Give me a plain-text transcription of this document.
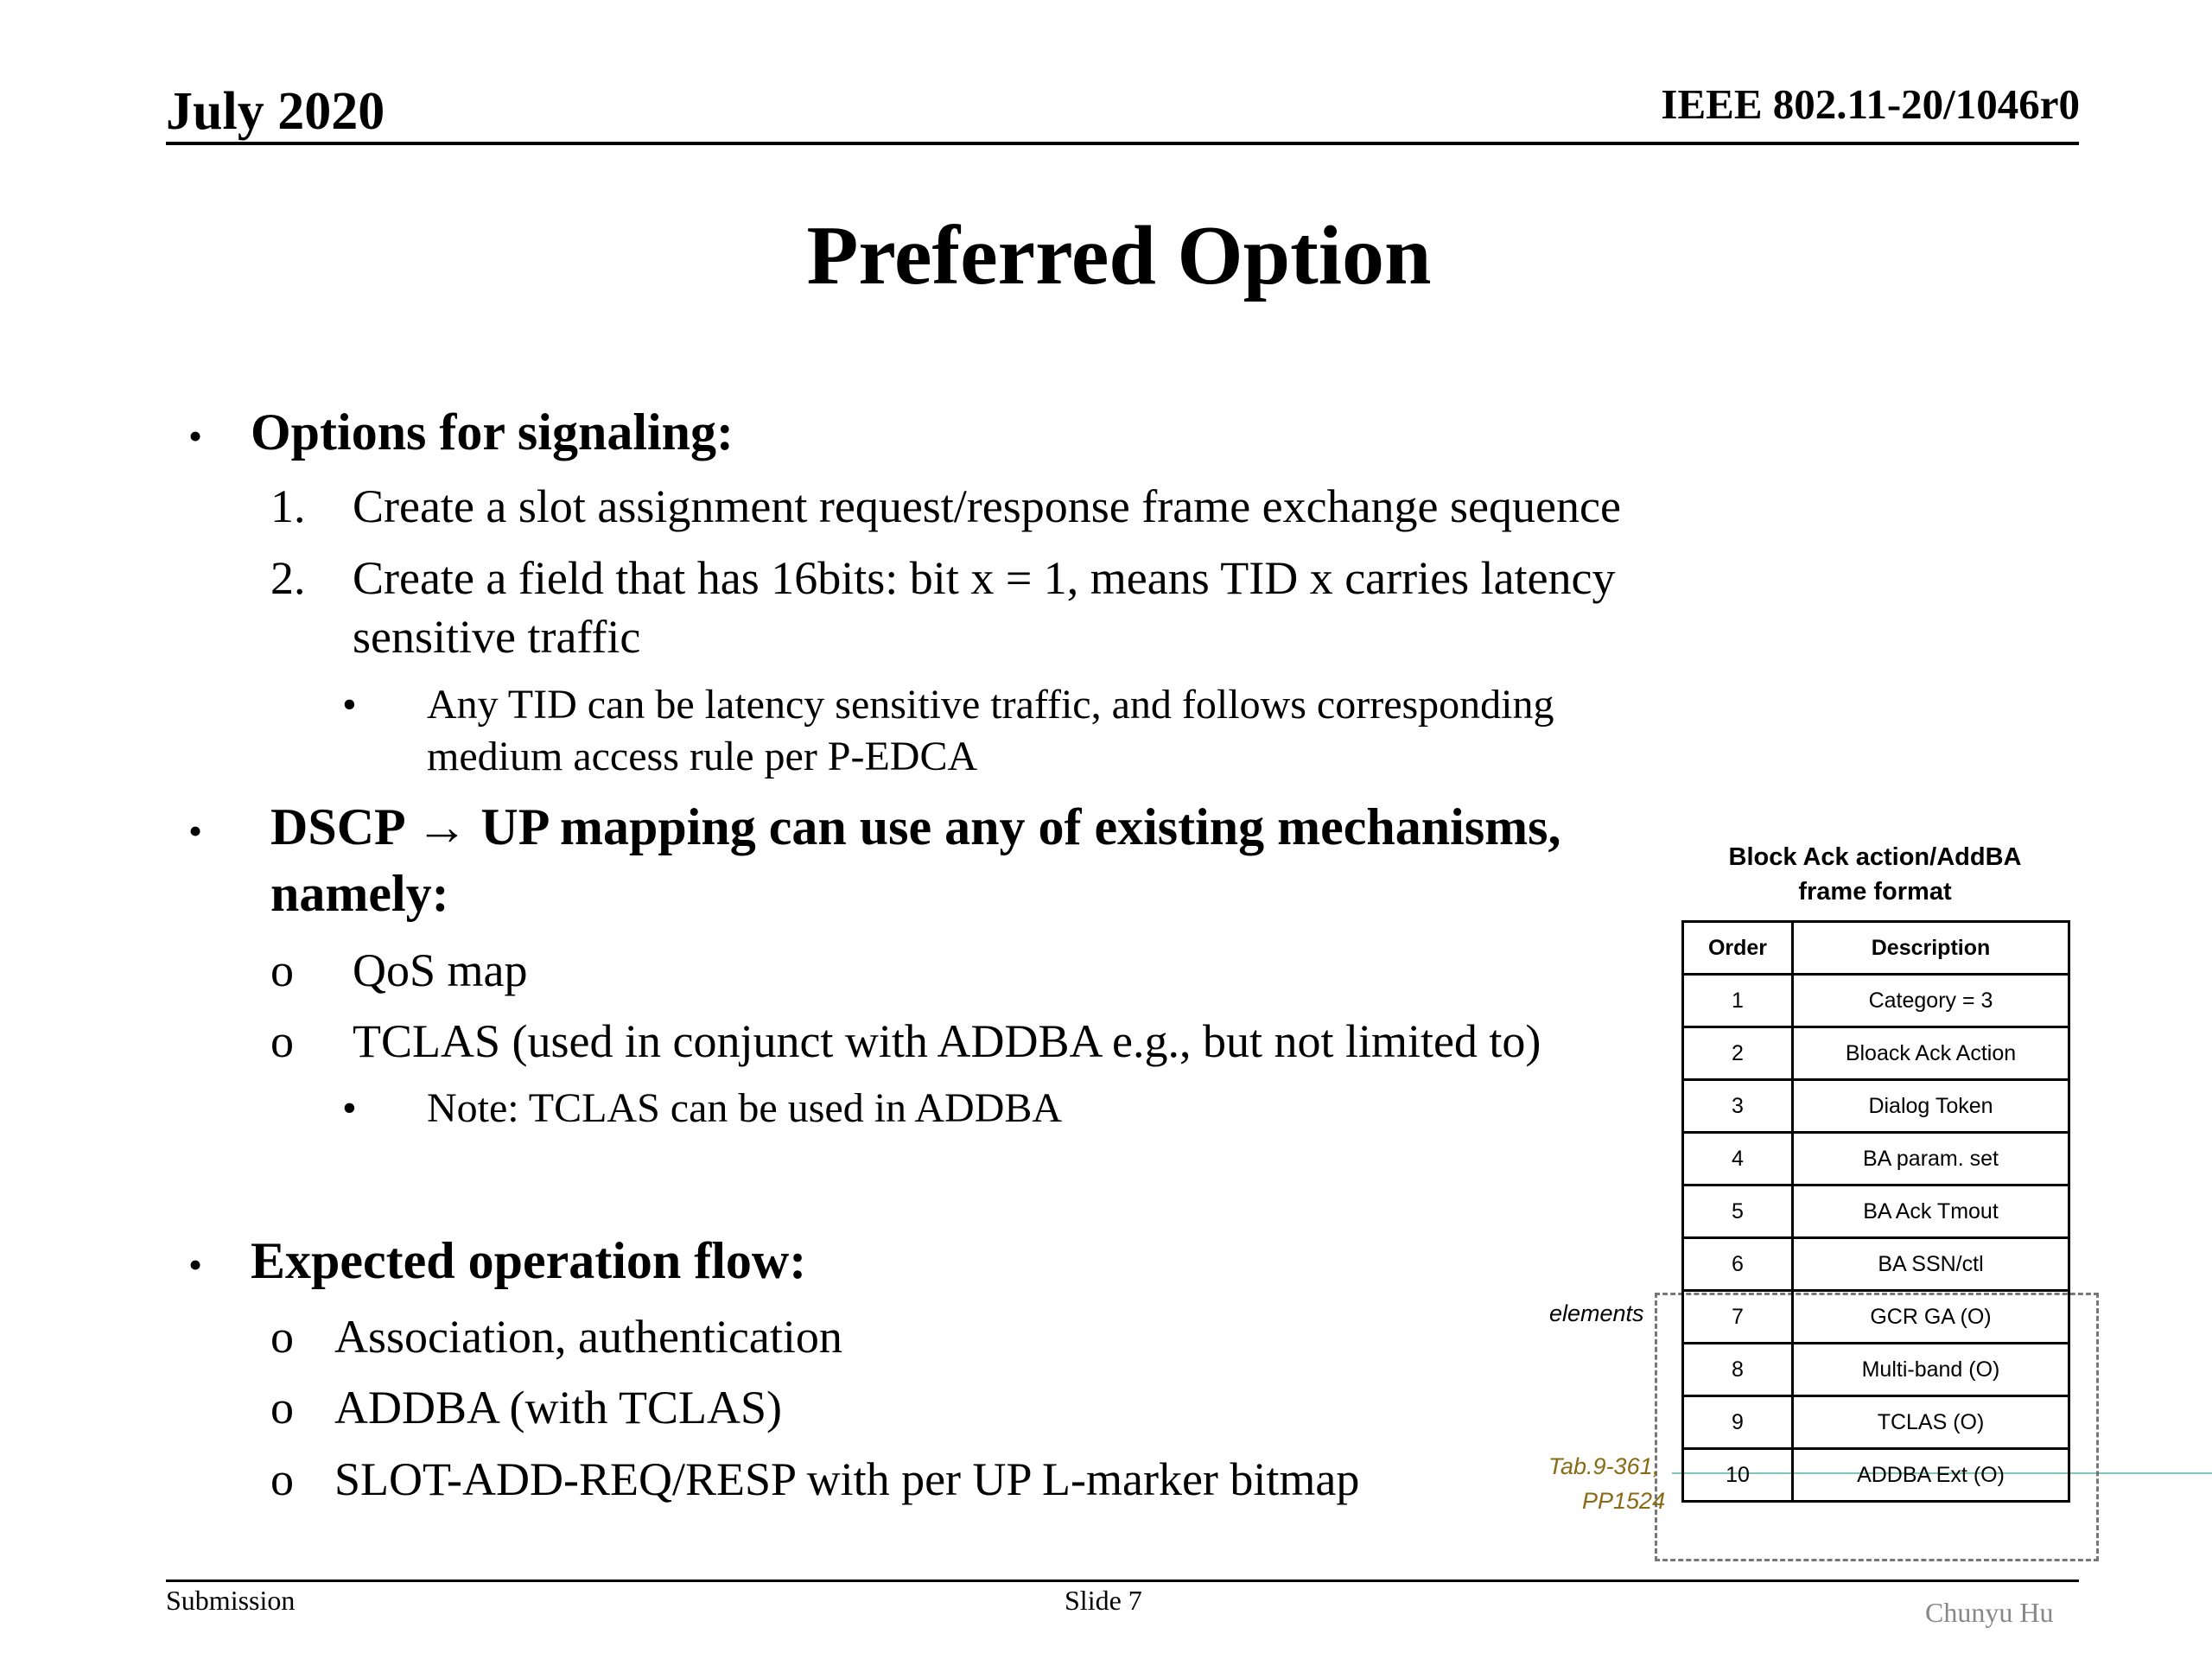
July 2020	IEEE 802.11-20/1046r0
Preferred Option
• Options for signaling:
1. Create a slot assignment request/response frame exchange sequence
2. Create a field that has 16bits: bit x = 1, means TID x carries latency
sensitive traffic
• Any TID can be latency sensitive traffic, and follows corresponding
medium access rule per P-EDCA
• DSCP → UP mapping can use any of existing mechanisms,
namely:
o QoS map
o TCLAS (used in conjunct with ADDBA e.g., but not limited to)
• Note: TCLAS can be used in ADDBA
• Expected operation flow:
o Association, authentication
o ADDBA (with TCLAS)
o SLOT-ADD-REQ/RESP with per UP L-marker bitmap
Block Ack action/AddBA
frame format
Order	Description
1	Category = 3
2	Bloack Ack Action
3	Dialog Token
4	BA param. set
5	BA Ack Tmout
6	BA SSN/ctl
7	GCR GA (O)
8	Multi-band (O)
9	TCLAS (O)
10	ADDBA Ext (O)
elements
Tab.9-361,
PP1524
Submission	Slide 7	Chunyu Hu
